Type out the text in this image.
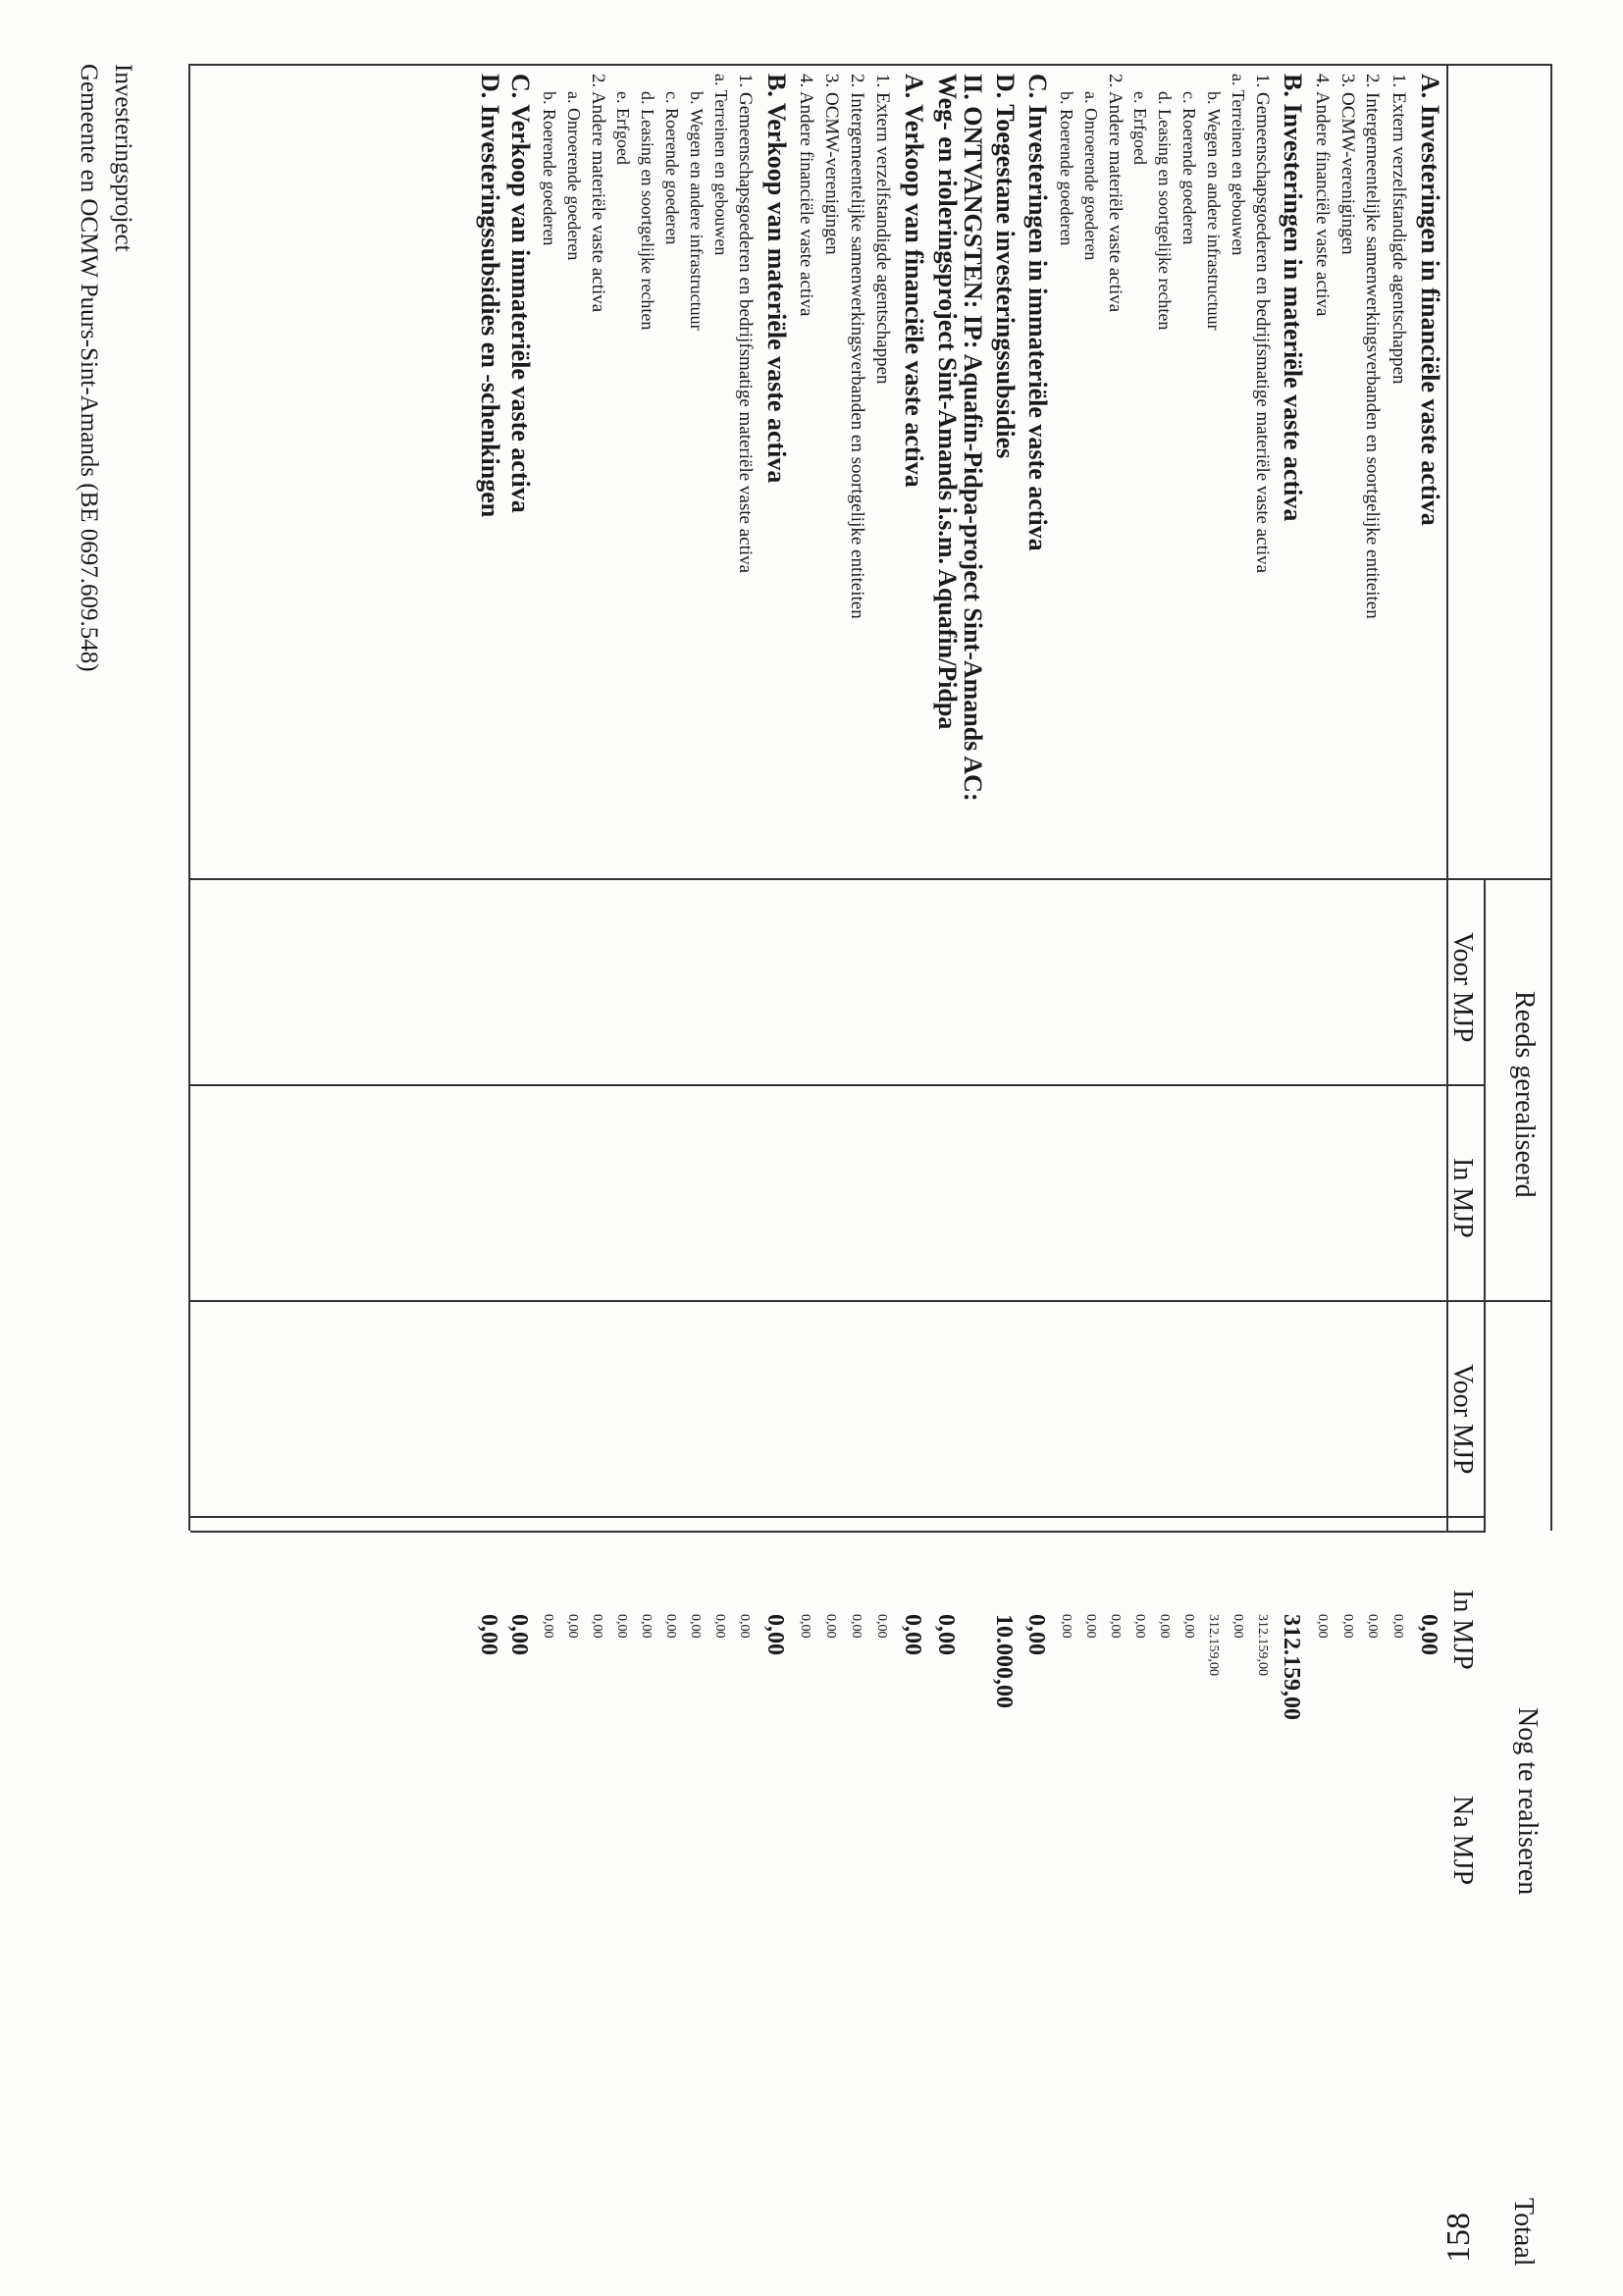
Reeds gerealiseerd
Nog te realiseren
Totaal
Voor MJP
In MJP
Voor MJP
In MJP
Na MJP
A. Investeringen in financiële vaste activa
1. Extern verzelfstandigde agentschappen
2. Intergemeentelijke samenwerkingsverbanden en soortgelijke entiteiten
3. OCMW-verenigingen
4. Andere financiële vaste activa
B. Investeringen in materiële vaste activa
1. Gemeenschapsgoederen en bedrijfsmatige materiële vaste activa
a. Terreinen en gebouwen
b. Wegen en andere infrastructuur
c. Roerende goederen
d. Leasing en soortgelijke rechten
e. Erfgoed
2. Andere materiële vaste activa
a. Onroerende goederen
b. Roerende goederen
C. Investeringen in immateriële vaste activa
D. Toegestane investeringssubsidies
II. ONTVANGSTEN: IP: Aquafin-Pidpa-project Sint-Amands AC:
Weg- en rioleringsproject Sint-Amands i.s.m. Aquafin/Pidpa
A. Verkoop van financiële vaste activa
1. Extern verzelfstandigde agentschappen
2. Intergemeentelijke samenwerkingsverbanden en soortgelijke entiteiten
3. OCMW-verenigingen
4. Andere financiële vaste activa
B. Verkoop van materiële vaste activa
1. Gemeenschapsgoederen en bedrijfsmatige materiële vaste activa
a. Terreinen en gebouwen
b. Wegen en andere infrastructuur
c. Roerende goederen
d. Leasing en soortgelijke rechten
e. Erfgoed
2. Andere materiële vaste activa
a. Onroerende goederen
b. Roerende goederen
C. Verkoop van immateriële vaste activa
D. Investeringssubsidies en -schenkingen
0,00
0,00
0,00
0,00
0,00
312.159,00
312.159,00
0,00
312.159,00
0,00
0,00
0,00
0,00
0,00
0,00
0,00
10.000,00
0,00
0,00
0,00
0,00
0,00
0,00
0,00
0,00
0,00
0,00
0,00
0,00
0,00
0,00
0,00
0,00
0,00
0,00
Investeringsproject
Gemeente en OCMW Puurs-Sint-Amands (BE 0697.609.548)
158
